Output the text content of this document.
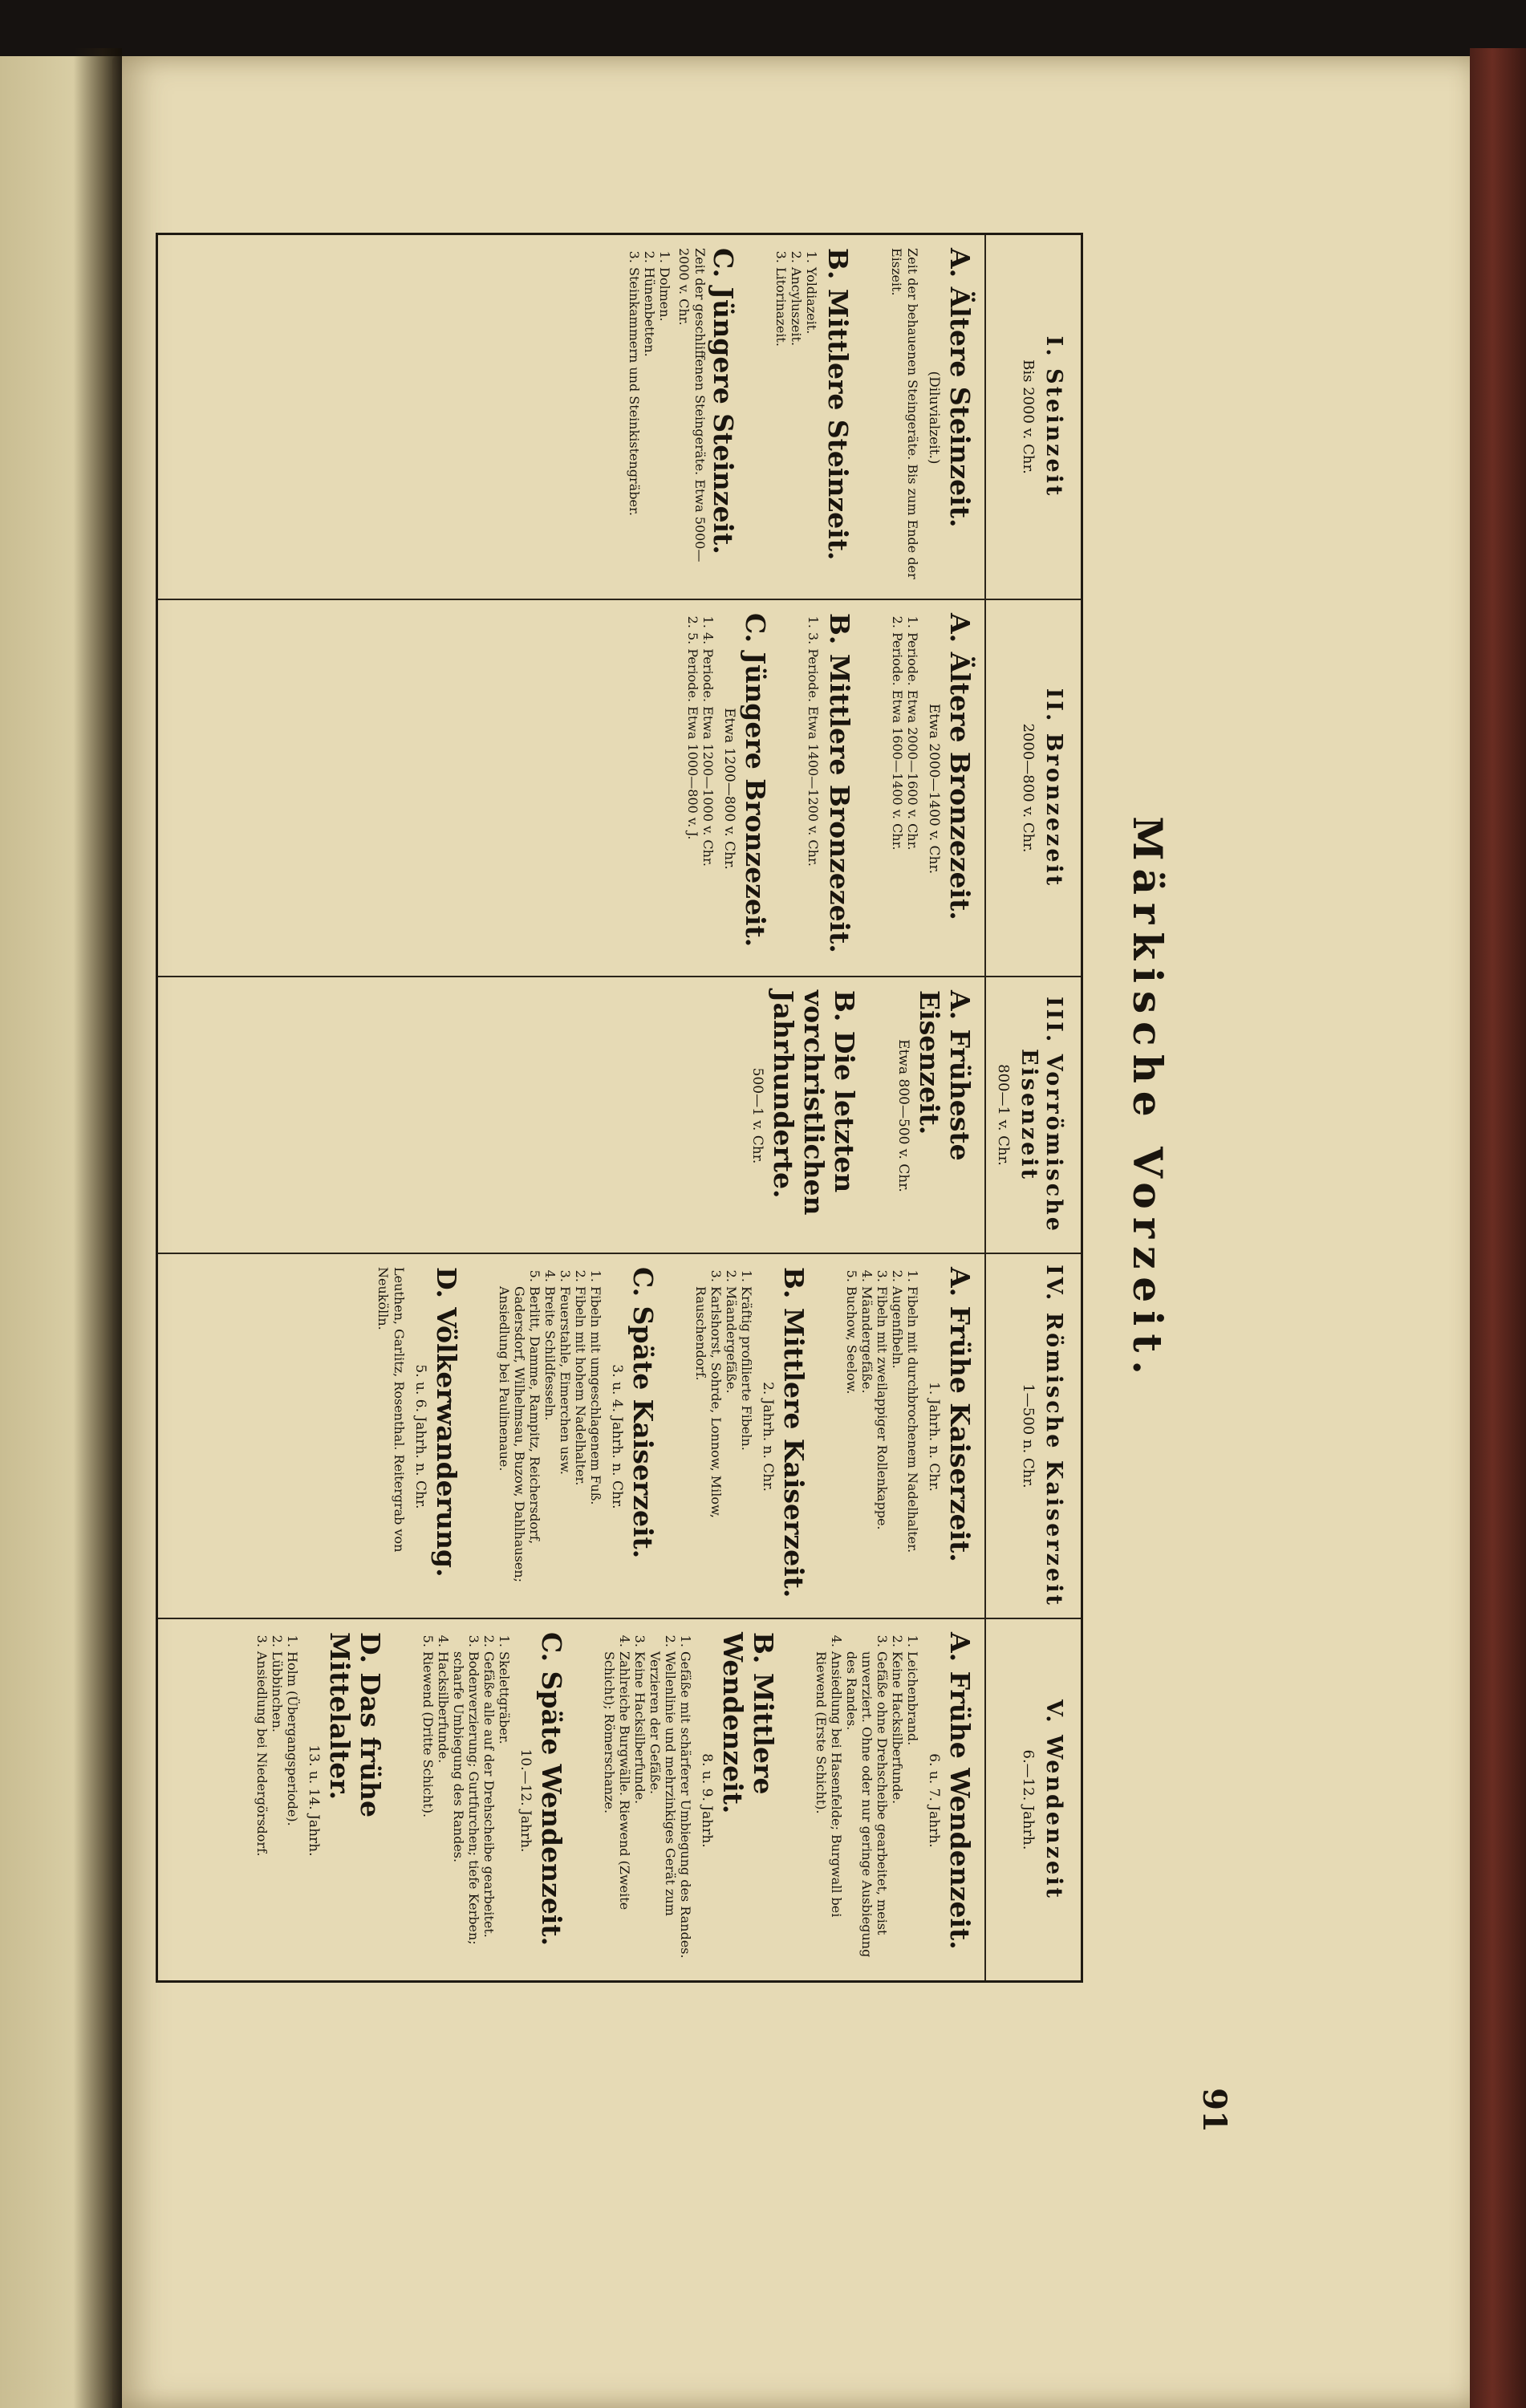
Märkische Vorzeit.
I. Steinzeit
Bis 2000 v. Chr.
A. Ältere Steinzeit.
(Diluvialzeit.)
Zeit der behauenen Steingeräte. Bis zum Ende der Eiszeit.
B. Mittlere Steinzeit.
1. Yoldiazeit.
2. Ancyluszeit.
3. Litorinazeit.
C. Jüngere Steinzeit.
Zeit der geschliffenen Steingeräte. Etwa 5000—2000 v. Chr.
1. Dolmen.
2. Hünenbetten.
3. Steinkammern und Steinkistengräber.
II. Bronzezeit
2000—800 v. Chr.
A. Ältere Bronzezeit.
Etwa 2000—1400 v. Chr.
1. Periode. Etwa 2000—1600 v. Chr.
2. Periode. Etwa 1600—1400 v. Chr.
B. Mittlere Bronzezeit.
1. 3. Periode. Etwa 1400—1200 v. Chr.
C. Jüngere Bronzezeit.
Etwa 1200—800 v. Chr.
1. 4. Periode. Etwa 1200—1000 v. Chr.
2. 5. Periode. Etwa 1000—800 v. J.
III. Vorrömische Eisenzeit
800—1 v. Chr.
A. Früheste Eisenzeit.
Etwa 800—500 v. Chr.
B. Die letzten vorchristlichen Jahrhunderte.
500—1 v. Chr.
IV. Römische Kaiserzeit
1—500 n. Chr.
A. Frühe Kaiserzeit.
1. Jahrh. n. Chr.
1. Fibeln mit durchbrochenem Nadelhalter.
2. Augenfibeln.
3. Fibeln mit zweilappiger Rollenkappe.
4. Mäandergefäße.
5. Buchow, Seelow.
B. Mittlere Kaiserzeit.
2. Jahrh. n. Chr.
1. Kräftig profilierte Fibeln.
2. Mäandergefäße.
3. Karlshorst, Sohrde, Lonnow, Milow, Rauschendorf.
C. Späte Kaiserzeit.
3. u. 4. Jahrh. n. Chr.
1. Fibeln mit umgeschlagenem Fuß.
2. Fibeln mit hohem Nadelhalter.
3. Feuerstahle, Eimerchen usw.
4. Breite Schildfesseln.
5. Berlitt, Damme, Rampitz, Reichersdorf, Gadersdorf, Wilhelmsau, Buzow, Dahlhausen; Ansiedlung bei Paulinenaue.
D. Völkerwanderung.
5. u. 6. Jahrh. n. Chr.
Leuthen, Garlitz, Rosenthal. Reitergrab von Neukölln.
V. Wendenzeit
6.—12. Jahrh.
A. Frühe Wendenzeit.
6. u. 7. Jahrh.
1. Leichenbrand.
2. Keine Hacksilberfunde.
3. Gefäße ohne Drehscheibe gearbeitet, meist unverziert. Ohne oder nur geringe Ausbiegung des Randes.
4. Ansiedlung bei Hasenfelde; Burgwall bei Riewend (Erste Schicht).
B. Mittlere Wendenzeit.
8. u. 9. Jahrh.
1. Gefäße mit schärferer Umbiegung des Randes.
2. Wellenlinie und mehrzinkiges Gerät zum Verzieren der Gefäße.
3. Keine Hacksilberfunde.
4. Zahlreiche Burgwälle. Riewend (Zweite Schicht); Römerschanze.
C. Späte Wendenzeit.
10.—12. Jahrh.
1. Skelettgräber.
2. Gefäße alle auf der Drehscheibe gearbeitet.
3. Bodenverzierung; Gurtfurchen; tiefe Kerben; scharfe Umbiegung des Randes.
4. Hacksilberfunde.
5. Riewend (Dritte Schicht).
D. Das frühe Mittelalter.
13. u. 14. Jahrh.
1. Holm (Übergangsperiode).
2. Lübbinchen.
3. Ansiedlung bei Niedergörsdorf.
91
